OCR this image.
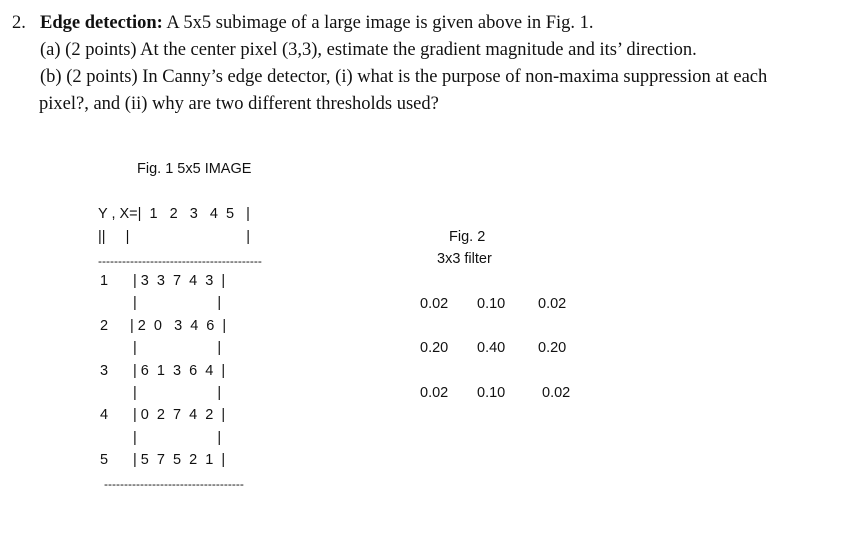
2. Edge detection: A 5x5 subimage of a large image is given above in Fig. 1.
(a) (2 points) At the center pixel (3,3), estimate the gradient magnitude and its’ direction.
(b) (2 points) In Canny’s edge detector, (i) what is the purpose of non-maxima suppression at each
pixel?, and (ii) why are two different thresholds used?
Fig. 1 5x5 IMAGE
Y , X=|  1   2   3   4  5   |
||     |                             |
-----------------------------------------
1 | 3  3  7  4  3  |
|                    |
2 | 2  0   3  4  6  |
|                    |
3 | 6  1  3  6  4  |
|                    |
4 | 0  2  7  4  2  |
|                    |
5 | 5  7  5  2  1  |
-----------------------------------
Fig. 2
3x3 filter
0.02 0.10 0.02
0.20 0.40 0.20
0.02 0.10	0.02
